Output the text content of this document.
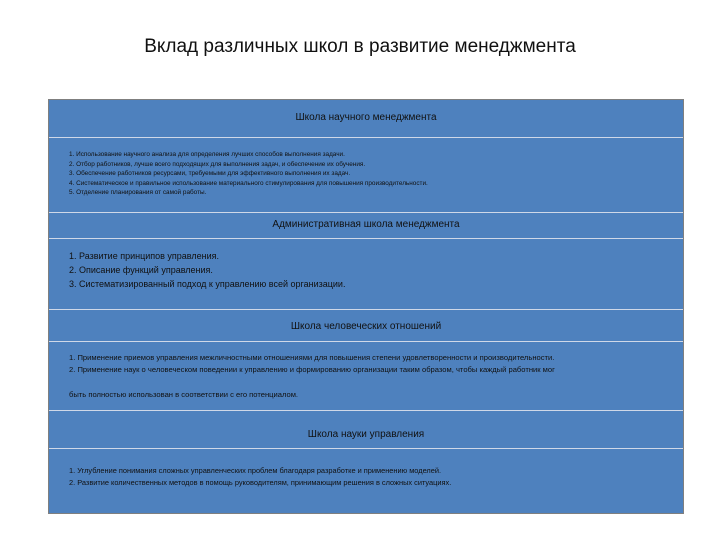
Вклад различных школ в развитие менеджмента
Школа научного менеджмента
1. Использование научного анализа для определения лучших способов выполнения задачи.
2. Отбор работников, лучше всего подходящих для выполнения задач, и обеспечение их обучения.
3. Обеспечение работников ресурсами, требуемыми для эффективного выполнения их задач.
4. Систематическое и правильное использование материального стимулирования для повышения производительности.
5. Отделение планирования от самой работы.
Административная школа менеджмента
1. Развитие принципов управления.
2. Описание функций управления.
3. Систематизированный подход к управлению всей организации.
Школа человеческих отношений
1. Применение приемов управления межличностными отношениями для повышения степени удовлетворенности и производительности.
2. Применение наук о человеческом поведении к управлению и формированию организации таким образом, чтобы каждый работник мог
быть полностью использован в соответствии с его потенциалом.
Школа науки управления
1. Углубление понимания сложных управленческих проблем благодаря разработке и применению моделей.
2. Развитие количественных методов в помощь руководителям, принимающим решения в сложных ситуациях.
